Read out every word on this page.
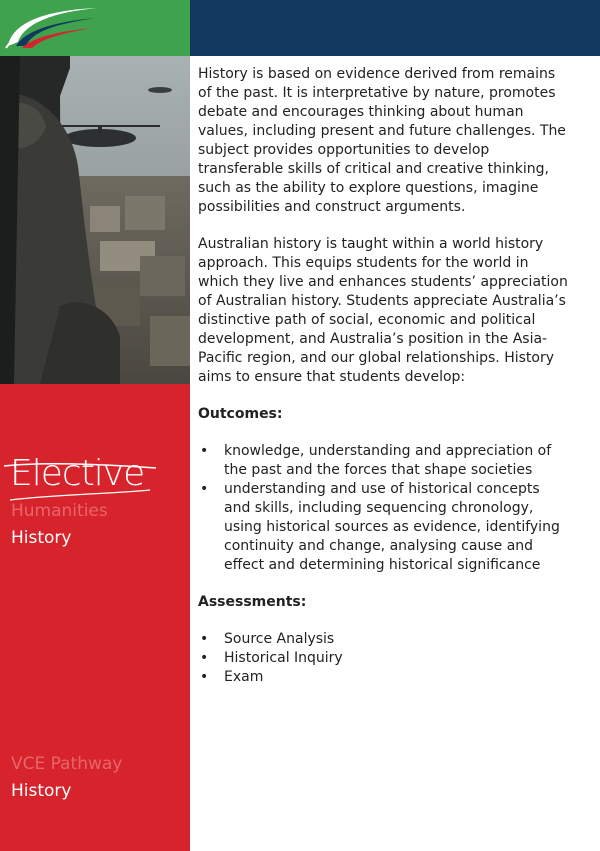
Elective
Humanities
History
VCE Pathway
History

History is based on evidence derived from remains of the past. It is interpretative by nature, promotes debate and encourages thinking about human values, including present and future challenges. The subject provides opportunities to develop transferable skills of critical and creative thinking, such as the ability to explore questions, imagine possibilities and construct arguments.

Australian history is taught within a world history approach. This equips students for the world in which they live and enhances students’ appreciation of Australian history. Students appreciate Australia’s distinctive path of social, economic and political development, and Australia’s position in the Asia-Pacific region, and our global relationships. History aims to ensure that students develop:

Outcomes:
• knowledge, understanding and appreciation of the past and the forces that shape societies
• understanding and use of historical concepts and skills, including sequencing chronology, using historical sources as evidence, identifying continuity and change, analysing cause and effect and determining historical significance
Assessments:
• Source Analysis
• Historical Inquiry
• Exam
